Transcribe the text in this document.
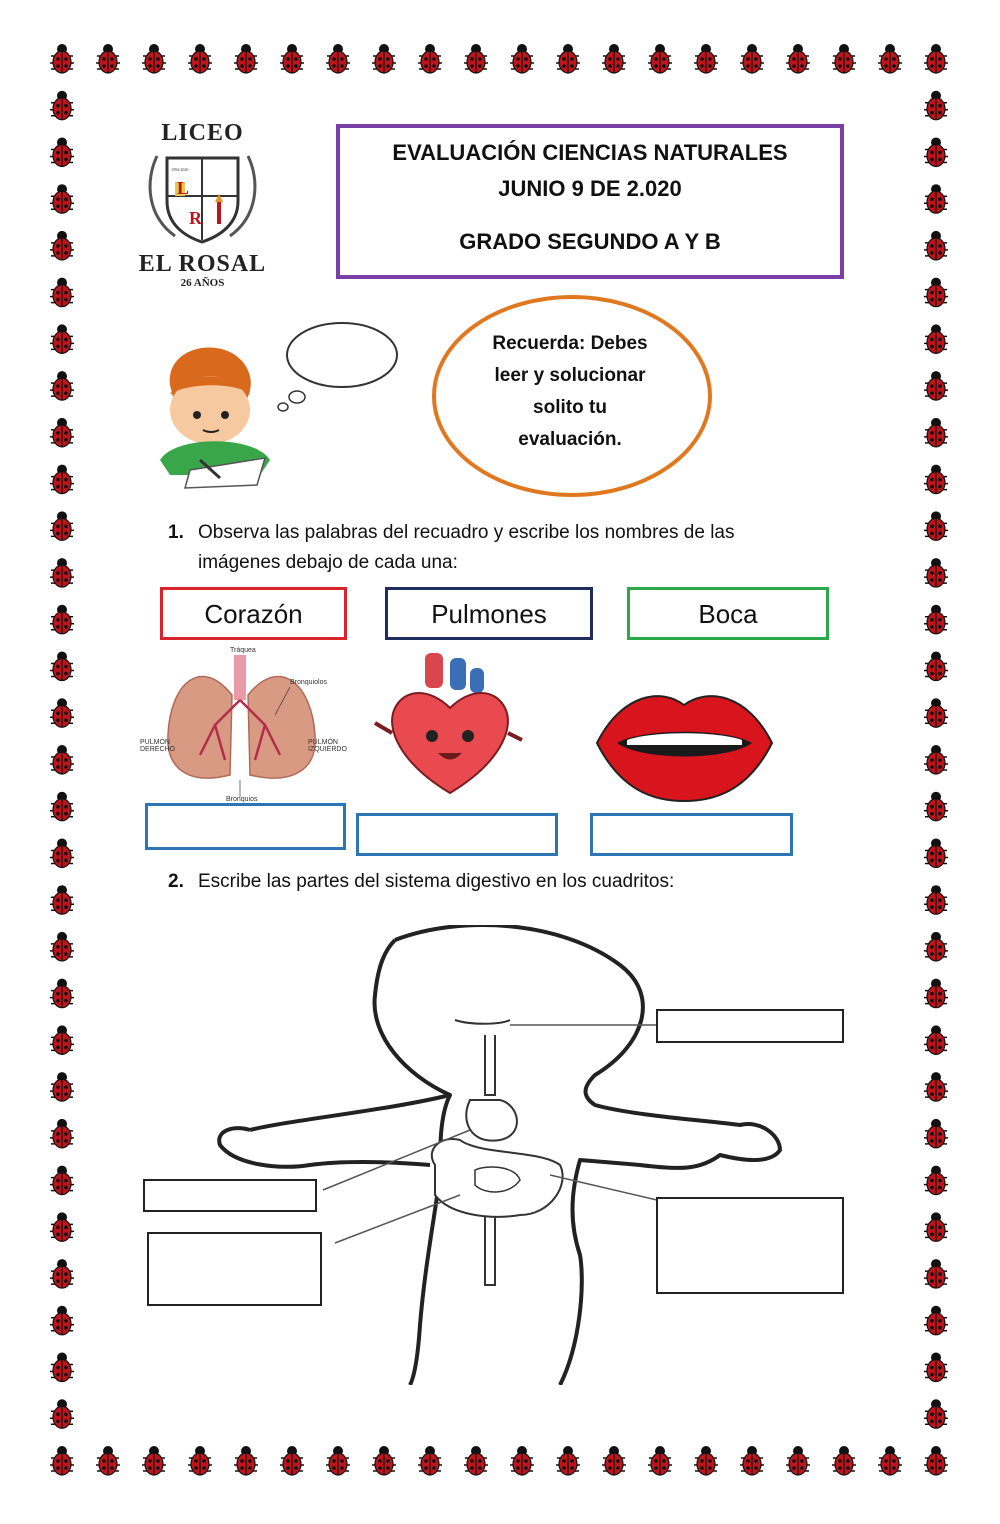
LICEO
1994-2020
L
R
EL ROSAL
26 AÑOS
EVALUACIÓN CIENCIAS NATURALES
JUNIO 9 DE 2.020
GRADO SEGUNDO A Y B
Recuerda: Debes
leer y solucionar
solito tu
evaluación.
1. Observa las palabras del recuadro y escribe los nombres de las
imágenes debajo de cada una:
Corazón	Pulmones	Boca
Tráquea
Bronquiolos
PULMÓN DERECHO
PULMÓN IZQUIERDO
Bronquios
2. Escribe las partes del sistema digestivo en los cuadritos:
